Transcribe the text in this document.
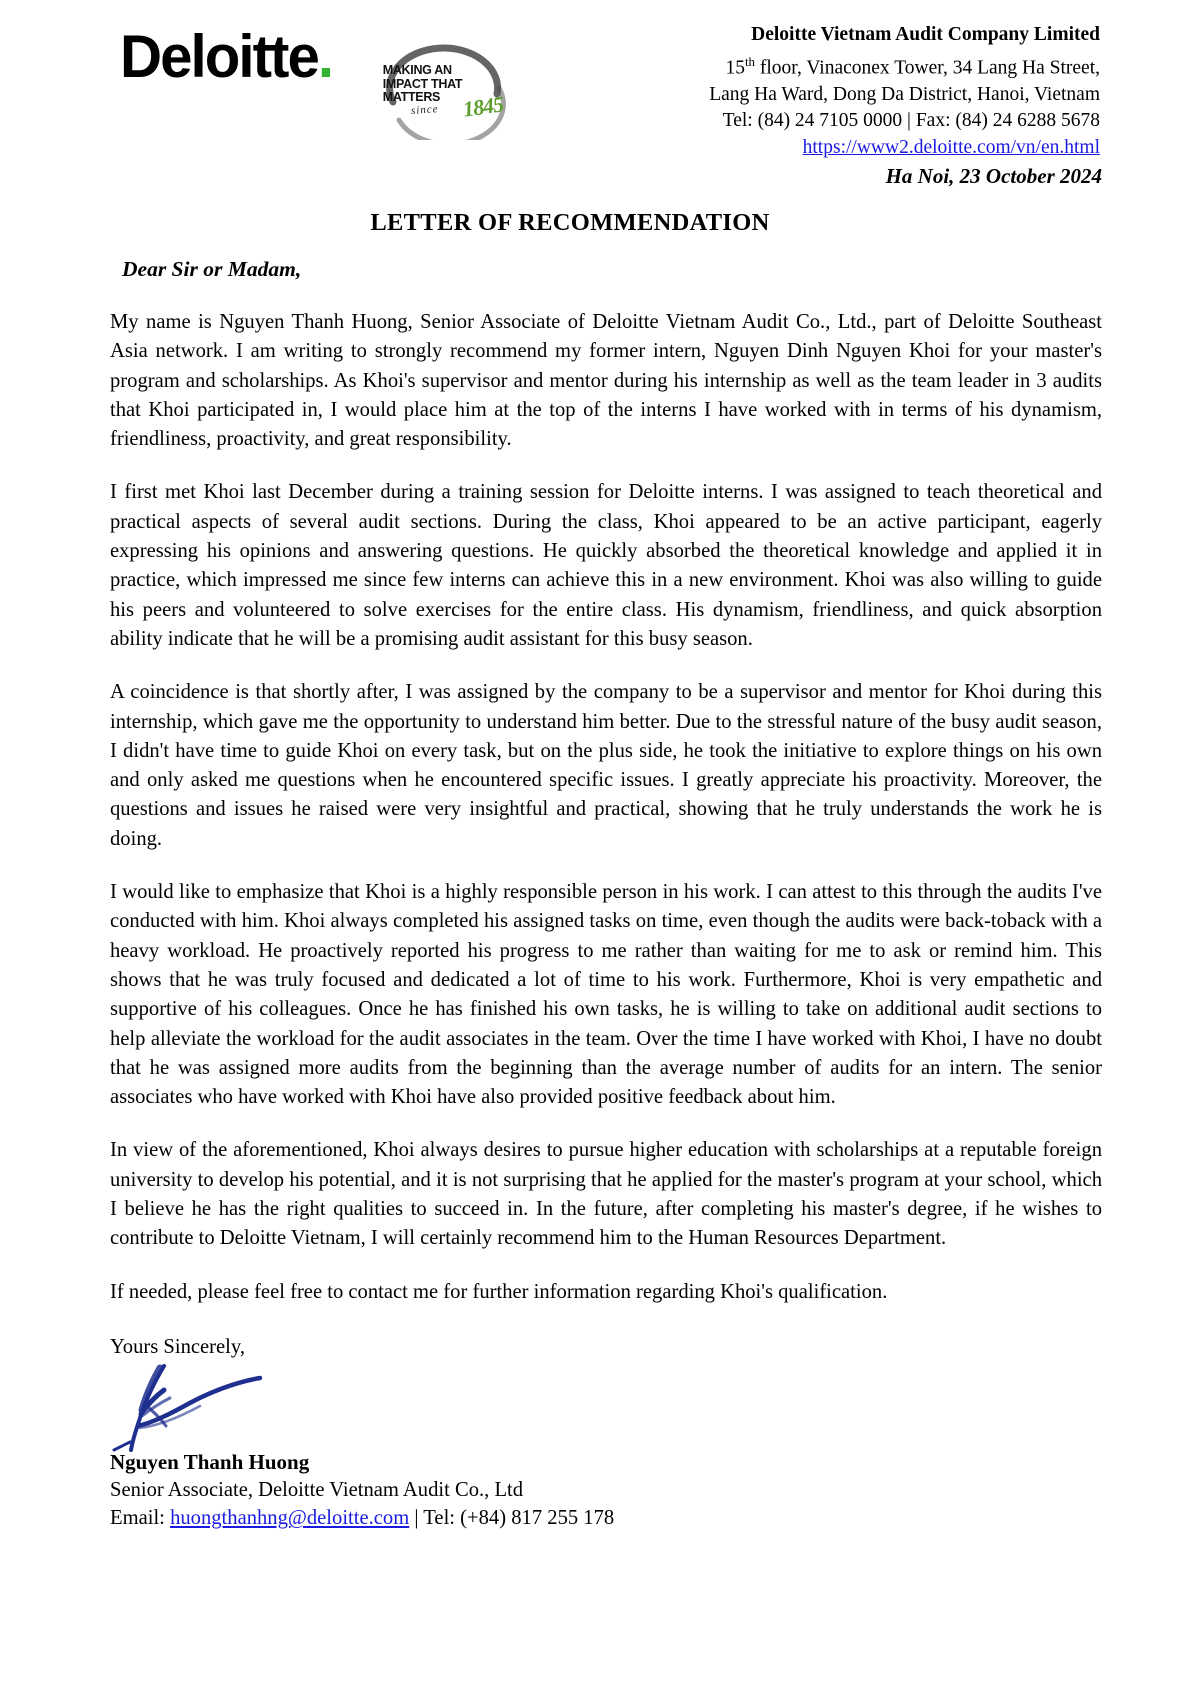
Deloitte.	MAKING AN
IMPACT THAT
MATTERS
since 1845
Deloitte Vietnam Audit Company Limited
15th floor, Vinaconex Tower, 34 Lang Ha Street,
Lang Ha Ward, Dong Da District, Hanoi, Vietnam
Tel: (84) 24 7105 0000 | Fax: (84) 24 6288 5678
https://www2.deloitte.com/vn/en.html
Ha Noi, 23 October 2024
LETTER OF RECOMMENDATION
Dear Sir or Madam,

My name is Nguyen Thanh Huong, Senior Associate of Deloitte Vietnam Audit Co., Ltd., part of Deloitte Southeast Asia network. I am writing to strongly recommend my former intern, Nguyen Dinh Nguyen Khoi for your master's program and scholarships. As Khoi's supervisor and mentor during his internship as well as the team leader in 3 audits that Khoi participated in, I would place him at the top of the interns I have worked with in terms of his dynamism, friendliness, proactivity, and great responsibility.

I first met Khoi last December during a training session for Deloitte interns. I was assigned to teach theoretical and practical aspects of several audit sections. During the class, Khoi appeared to be an active participant, eagerly expressing his opinions and answering questions. He quickly absorbed the theoretical knowledge and applied it in practice, which impressed me since few interns can achieve this in a new environment. Khoi was also willing to guide his peers and volunteered to solve exercises for the entire class. His dynamism, friendliness, and quick absorption ability indicate that he will be a promising audit assistant for this busy season.

A coincidence is that shortly after, I was assigned by the company to be a supervisor and mentor for Khoi during this internship, which gave me the opportunity to understand him better. Due to the stressful nature of the busy audit season, I didn't have time to guide Khoi on every task, but on the plus side, he took the initiative to explore things on his own and only asked me questions when he encountered specific issues. I greatly appreciate his proactivity. Moreover, the questions and issues he raised were very insightful and practical, showing that he truly understands the work he is doing.

I would like to emphasize that Khoi is a highly responsible person in his work. I can attest to this through the audits I've conducted with him. Khoi always completed his assigned tasks on time, even though the audits were back-toback with a heavy workload. He proactively reported his progress to me rather than waiting for me to ask or remind him. This shows that he was truly focused and dedicated a lot of time to his work. Furthermore, Khoi is very empathetic and supportive of his colleagues. Once he has finished his own tasks, he is willing to take on additional audit sections to help alleviate the workload for the audit associates in the team. Over the time I have worked with Khoi, I have no doubt that he was assigned more audits from the beginning than the average number of audits for an intern. The senior associates who have worked with Khoi have also provided positive feedback about him.

In view of the aforementioned, Khoi always desires to pursue higher education with scholarships at a reputable foreign university to develop his potential, and it is not surprising that he applied for the master's program at your school, which I believe he has the right qualities to succeed in. In the future, after completing his master's degree, if he wishes to contribute to Deloitte Vietnam, I will certainly recommend him to the Human Resources Department.

If needed, please feel free to contact me for further information regarding Khoi's qualification.

Yours Sincerely,
Nguyen Thanh Huong
Senior Associate, Deloitte Vietnam Audit Co., Ltd
Email: huongthanhng@deloitte.com | Tel: (+84) 817 255 178
